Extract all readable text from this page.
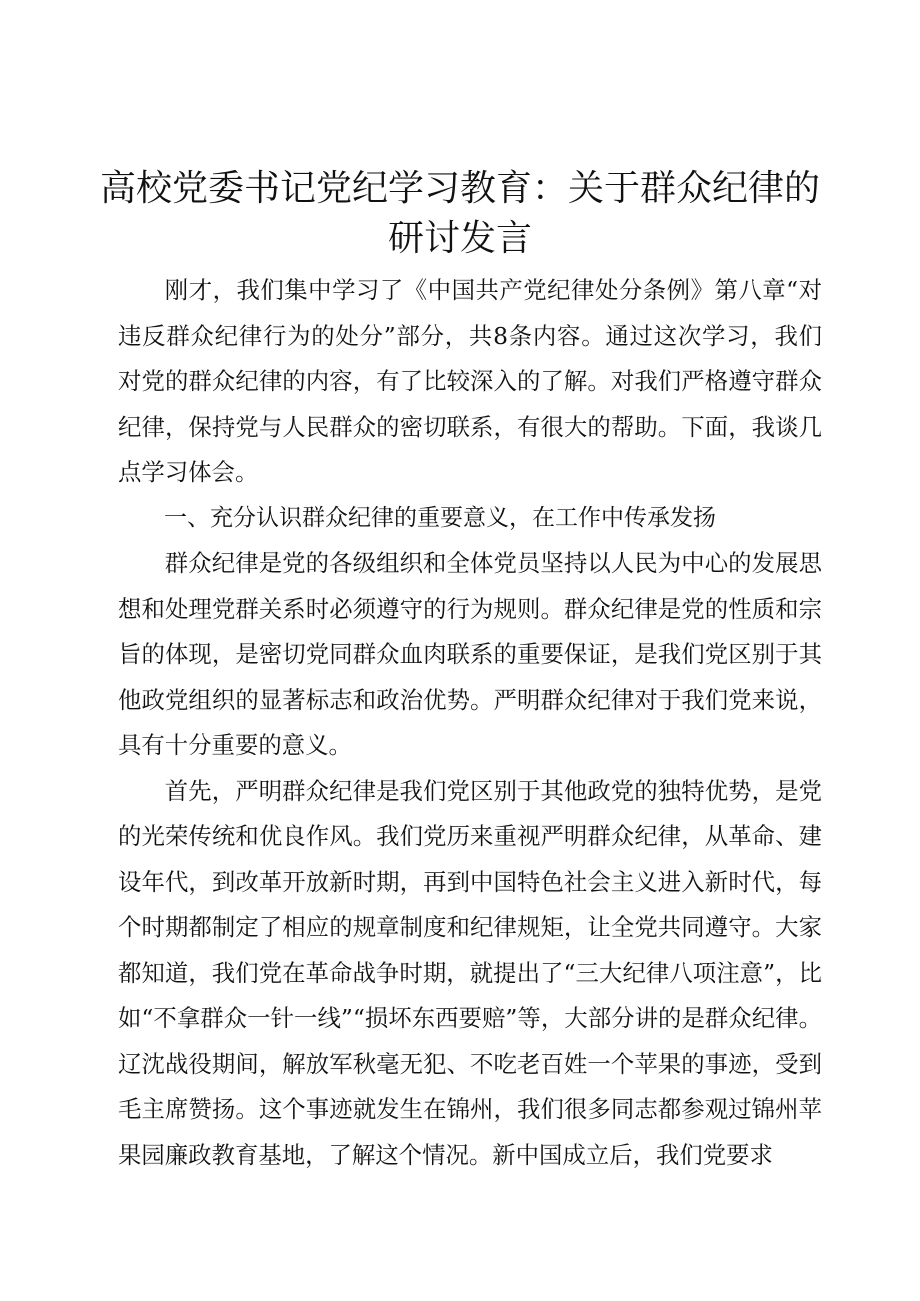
高校党委书记党纪学习教育：关于群众纪律的
研讨发言

刚才，我们集中学习了《中国共产党纪律处分条例》第八章“对违反群众纪律行为的处分”部分，共8条内容。通过这次学习，我们对党的群众纪律的内容，有了比较深入的了解。对我们严格遵守群众纪律，保持党与人民群众的密切联系，有很大的帮助。下面，我谈几点学习体会。

一、充分认识群众纪律的重要意义，在工作中传承发扬

群众纪律是党的各级组织和全体党员坚持以人民为中心的发展思想和处理党群关系时必须遵守的行为规则。群众纪律是党的性质和宗旨的体现，是密切党同群众血肉联系的重要保证，是我们党区别于其他政党组织的显著标志和政治优势。严明群众纪律对于我们党来说，具有十分重要的意义。

首先，严明群众纪律是我们党区别于其他政党的独特优势，是党的光荣传统和优良作风。我们党历来重视严明群众纪律，从革命、建设年代，到改革开放新时期，再到中国特色社会主义进入新时代，每个时期都制定了相应的规章制度和纪律规矩，让全党共同遵守。大家都知道，我们党在革命战争时期，就提出了“三大纪律八项注意”，比如“不拿群众一针一线”“损坏东西要赔”等，大部分讲的是群众纪律。辽沈战役期间，解放军秋毫无犯、不吃老百姓一个苹果的事迹，受到毛主席赞扬。这个事迹就发生在锦州，我们很多同志都参观过锦州苹果园廉政教育基地，了解这个情况。新中国成立后，我们党要求
